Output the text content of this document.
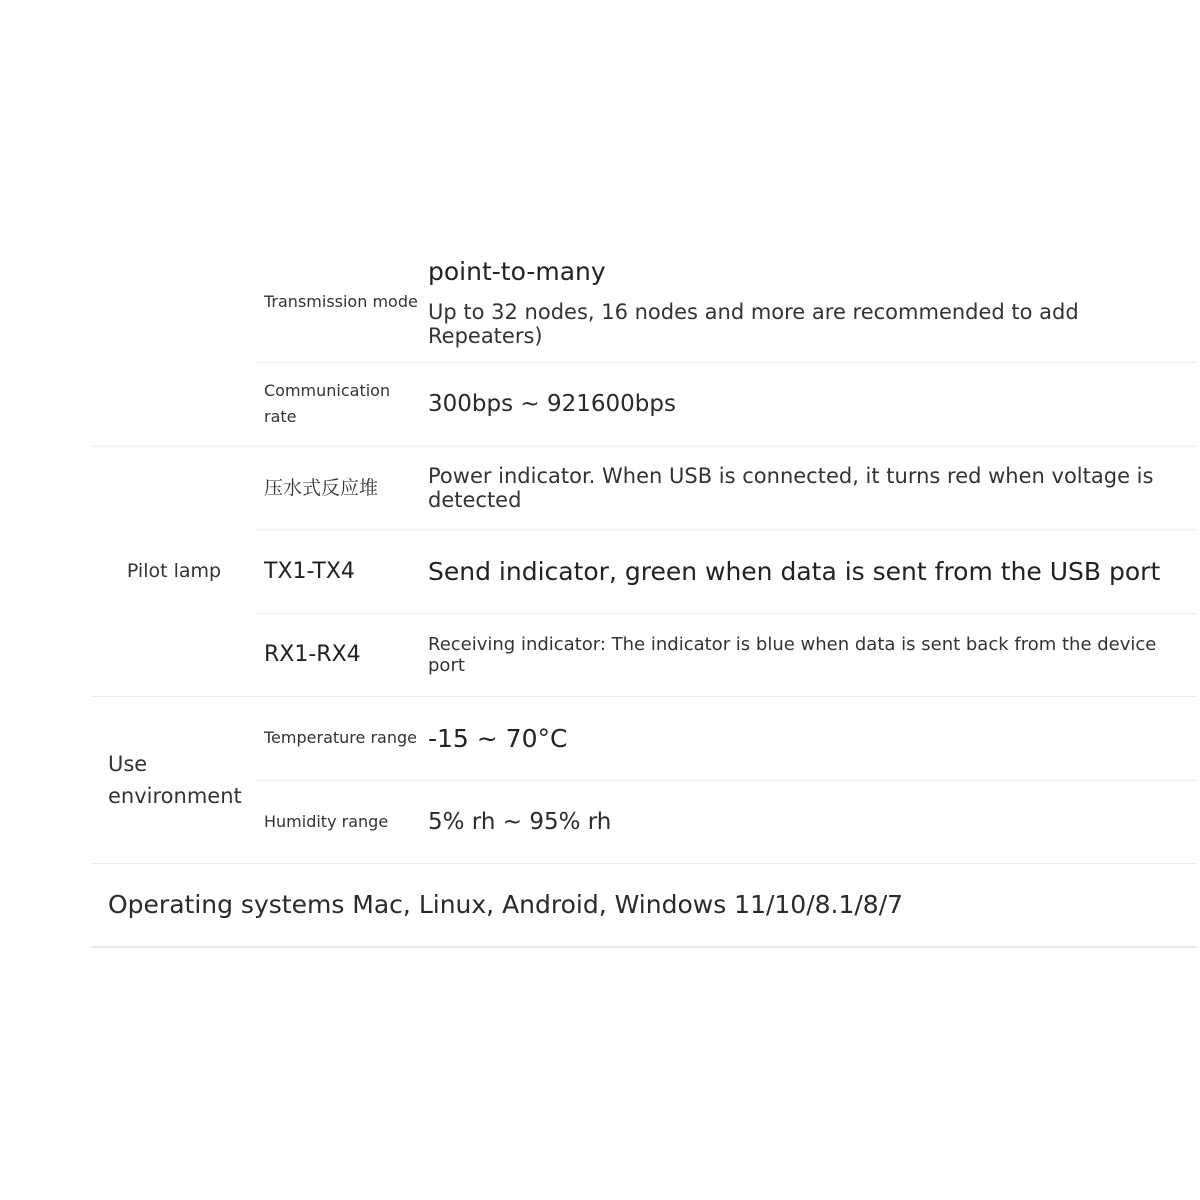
	Transmission mode	point-to-many
Up to 32 nodes, 16 nodes and more are recommended to add Repeaters)

	Communication rate	300bps ~ 921600bps

Pilot lamp	压水式反应堆	Power indicator. When USB is connected, it turns red when voltage is detected
	TX1-TX4	Send indicator, green when data is sent from the USB port
	RX1-RX4	Receiving indicator: The indicator is blue when data is sent back from the device port

Use environment	Temperature range	-15 ~ 70°C
	Humidity range	5% rh ~ 95% rh
Operating systems Mac, Linux, Android, Windows 11/10/8.1/8/7		
